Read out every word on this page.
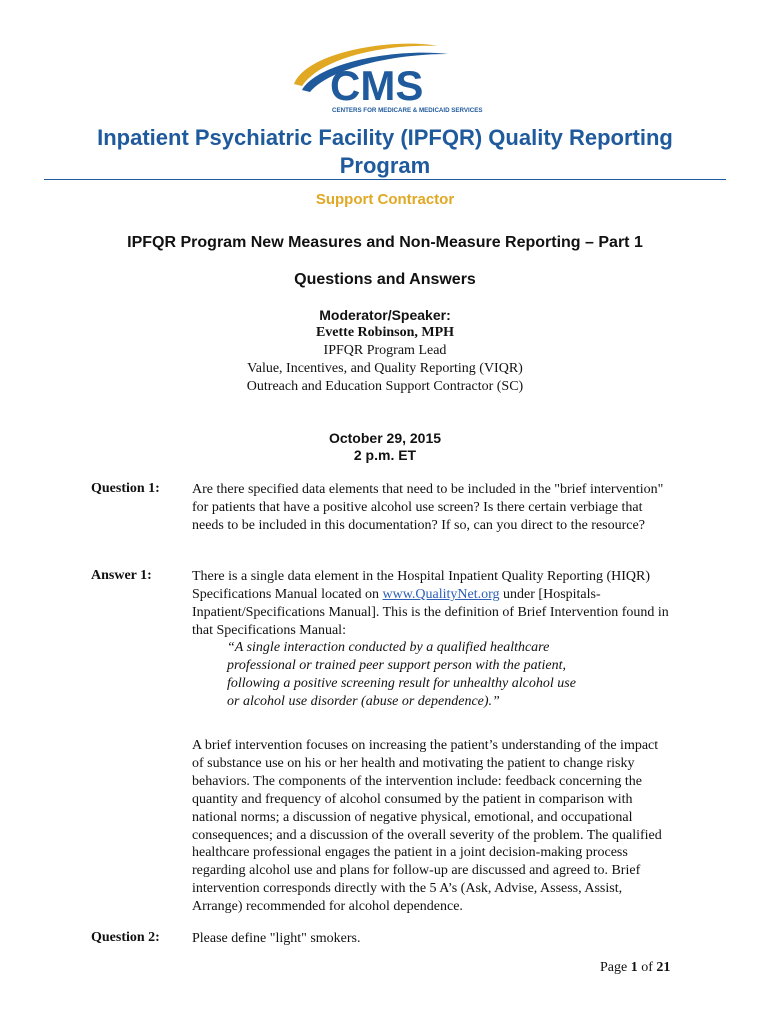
CMS
CENTERS FOR MEDICARE & MEDICAID SERVICES
Inpatient Psychiatric Facility (IPFQR) Quality Reporting
Program
Support Contractor
IPFQR Program New Measures and Non-Measure Reporting – Part 1
Questions and Answers
Moderator/Speaker:
Evette Robinson, MPH
IPFQR Program Lead
Value, Incentives, and Quality Reporting (VIQR)
Outreach and Education Support Contractor (SC)
October 29, 2015
2 p.m. ET
Question 1: Are there specified data elements that need to be included in the "brief intervention" for patients that have a positive alcohol use screen? Is there certain verbiage that needs to be included in this documentation? If so, can you direct to the resource?
Answer 1:	There is a single data element in the Hospital Inpatient Quality Reporting (HIQR) Specifications Manual located on www.QualityNet.org under [Hospitals-Inpatient/Specifications Manual]. This is the definition of Brief Intervention found in that Specifications Manual:
“A single interaction conducted by a qualified healthcare professional or trained peer support person with the patient, following a positive screening result for unhealthy alcohol use or alcohol use disorder (abuse or dependence).”
A brief intervention focuses on increasing the patient’s understanding of the impact of substance use on his or her health and motivating the patient to change risky behaviors. The components of the intervention include: feedback concerning the quantity and frequency of alcohol consumed by the patient in comparison with national norms; a discussion of negative physical, emotional, and occupational consequences; and a discussion of the overall severity of the problem. The qualified healthcare professional engages the patient in a joint decision-making process regarding alcohol use and plans for follow-up are discussed and agreed to. Brief intervention corresponds directly with the 5 A’s (Ask, Advise, Assess, Assist, Arrange) recommended for alcohol dependence.
Question 2: Please define "light" smokers.
Page 1 of 21
